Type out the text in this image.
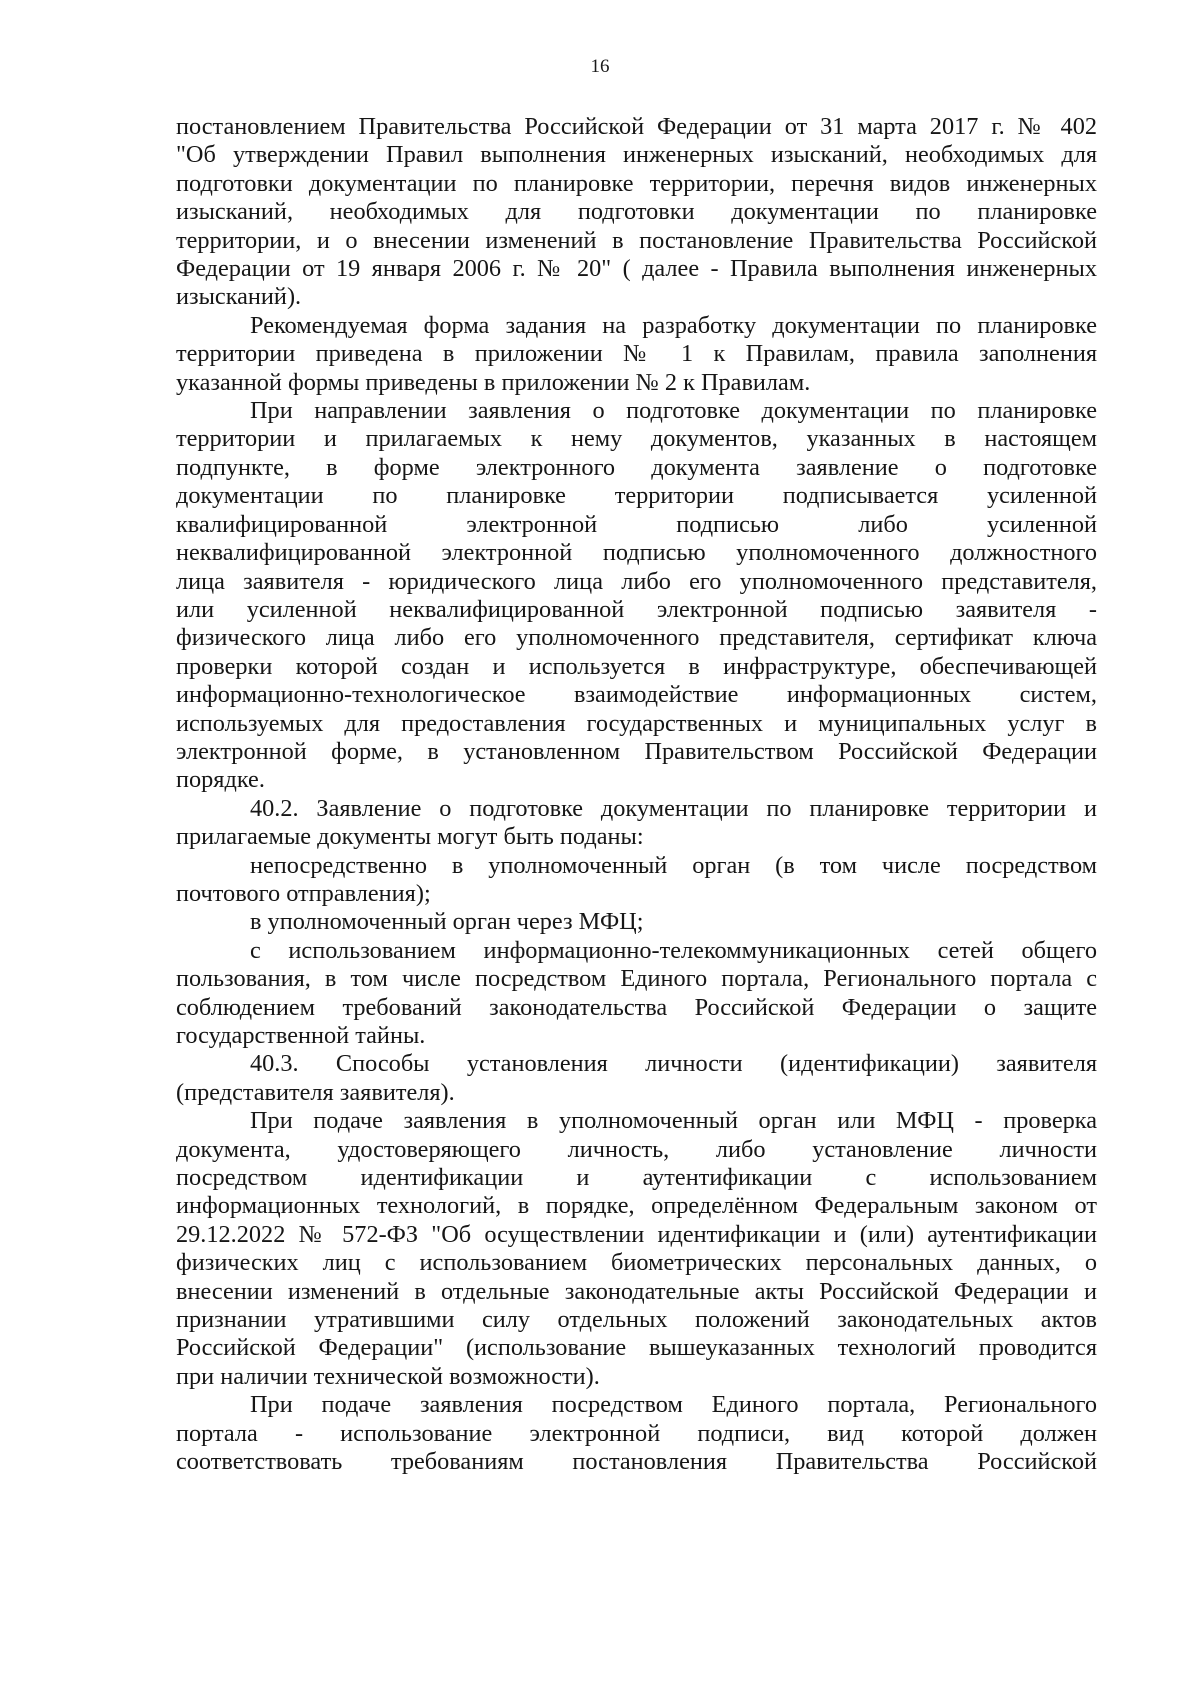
16
постановлением Правительства Российской Федерации от 31 марта 2017 г. № 402
"Об утверждении Правил выполнения инженерных изысканий, необходимых для
подготовки документации по планировке территории, перечня видов инженерных
изысканий, необходимых для подготовки документации по планировке
территории, и о внесении изменений в постановление Правительства Российской
Федерации от 19 января 2006 г. № 20" ( далее - Правила выполнения инженерных
изысканий).
Рекомендуемая форма задания на разработку документации по планировке
территории приведена в приложении № 1 к Правилам, правила заполнения
указанной формы приведены в приложении № 2 к Правилам.
При направлении заявления о подготовке документации по планировке
территории и прилагаемых к нему документов, указанных в настоящем
подпункте, в форме электронного документа заявление о подготовке
документации по планировке территории подписывается усиленной
квалифицированной электронной подписью либо усиленной
неквалифицированной электронной подписью уполномоченного должностного
лица заявителя - юридического лица либо его уполномоченного представителя,
или усиленной неквалифицированной электронной подписью заявителя -
физического лица либо его уполномоченного представителя, сертификат ключа
проверки которой создан и используется в инфраструктуре, обеспечивающей
информационно-технологическое взаимодействие информационных систем,
используемых для предоставления государственных и муниципальных услуг в
электронной форме, в установленном Правительством Российской Федерации
порядке.
40.2. Заявление о подготовке документации по планировке территории и
прилагаемые документы могут быть поданы:
непосредственно в уполномоченный орган (в том числе посредством
почтового отправления);
в уполномоченный орган через МФЦ;
с использованием информационно-телекоммуникационных сетей общего
пользования, в том числе посредством Единого портала, Регионального портала с
соблюдением требований законодательства Российской Федерации о защите
государственной тайны.
40.3. Способы установления личности (идентификации) заявителя
(представителя заявителя).
При подаче заявления в уполномоченный орган или МФЦ - проверка
документа, удостоверяющего личность, либо установление личности
посредством идентификации и аутентификации с использованием
информационных технологий, в порядке, определённом Федеральным законом от
29.12.2022 № 572-ФЗ "Об осуществлении идентификации и (или) аутентификации
физических лиц с использованием биометрических персональных данных, о
внесении изменений в отдельные законодательные акты Российской Федерации и
признании утратившими силу отдельных положений законодательных актов
Российской Федерации" (использование вышеуказанных технологий проводится
при наличии технической возможности).
При подаче заявления посредством Единого портала, Регионального
портала - использование электронной подписи, вид которой должен
соответствовать требованиям постановления Правительства Российской
